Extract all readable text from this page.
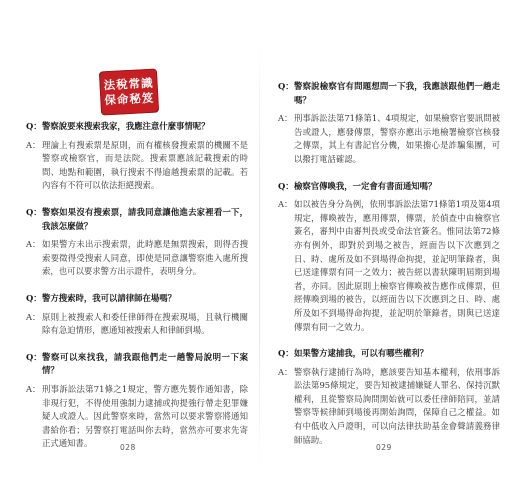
法稅常識
保命秘笈
Q： 警察說要來搜索我家，我應注意什麼事情呢？
A： 理論上有搜索票是原則，而有權核發搜索票的機關不是警察或檢察官，而是法院。搜索票應該記載搜索的時間、地點和範圍，執行搜索不得逾越搜索票的記載。若內容有不符可以依法拒絕搜索。
Q： 警察如果沒有搜索票，請我同意讓他進去家裡看一下，我該怎麼做？
A： 如果警方未出示搜索票，此時應是無票搜索，則得否搜索要徵得受搜索人同意，即使是同意讓警察進入處所搜索，也可以要求警方出示證件，表明身分。
Q： 警方搜索時，我可以請律師在場嗎？
A： 原則上被搜索人和委任律師得在搜索現場，且執行機關除有急迫情形，應通知被搜索人和律師到場。
Q： 警察可以來找我，請我跟他們走一趟警局說明一下案情？
A： 刑事訴訟法第71條之1規定，警方應先製作通知書，除非現行犯，不得使用強制力逮捕或拘提強行帶走犯罪嫌疑人或證人。因此警察來時，當然可以要求警察將通知書給你看；另警察打電話叫你去時，當然亦可要求先寄正式通知書。	028
Q： 警察說檢察官有問題想問一下我，我應該跟他們一趟走嗎？
A： 刑事訴訟法第71條第1、4項規定，如果檢察官要訊問被告或證人，應發傳票，警察亦應出示地檢署檢察官核發之傳票，其上有書記官分機，如果擔心是詐騙集團，可以撥打電話確認。
Q： 檢察官傳喚我，一定會有書面通知嗎？
A： 如以被告身分為例，依刑事訴訟法第71條第1項及第4項規定，傳喚被告，應用傳票，傳票，於偵查中由檢察官簽名，審判中由審判長或受命法官簽名。惟同法第72條亦有例外，即對於到場之被告，經面告以下次應到之日、時、處所及如不到場得命拘提，並記明筆錄者，與已送達傳票有同一之效力；被告經以書狀陳明屆期到場者，亦同。因此原則上檢察官傳喚被告應作成傳票，但經傳喚到場的被告，以經面告以下次應到之日、時、處所及如不到場得命拘提，並記明於筆錄者，則與已送達傳票有同一之效力。
Q： 如果警方逮捕我，可以有哪些權利？
A： 警察執行逮捕行為時，應該要告知基本權利，依刑事訴訟法第95條規定，要告知被逮捕嫌疑人罪名、保持沉默權利，且從警察局詢問開始就可以委任律師陪同，並請警察等候律師到場後再開始詢問，保障自己之權益。如有中低收入戶證明，可以向法律扶助基金會聲請義務律師協助。
029
